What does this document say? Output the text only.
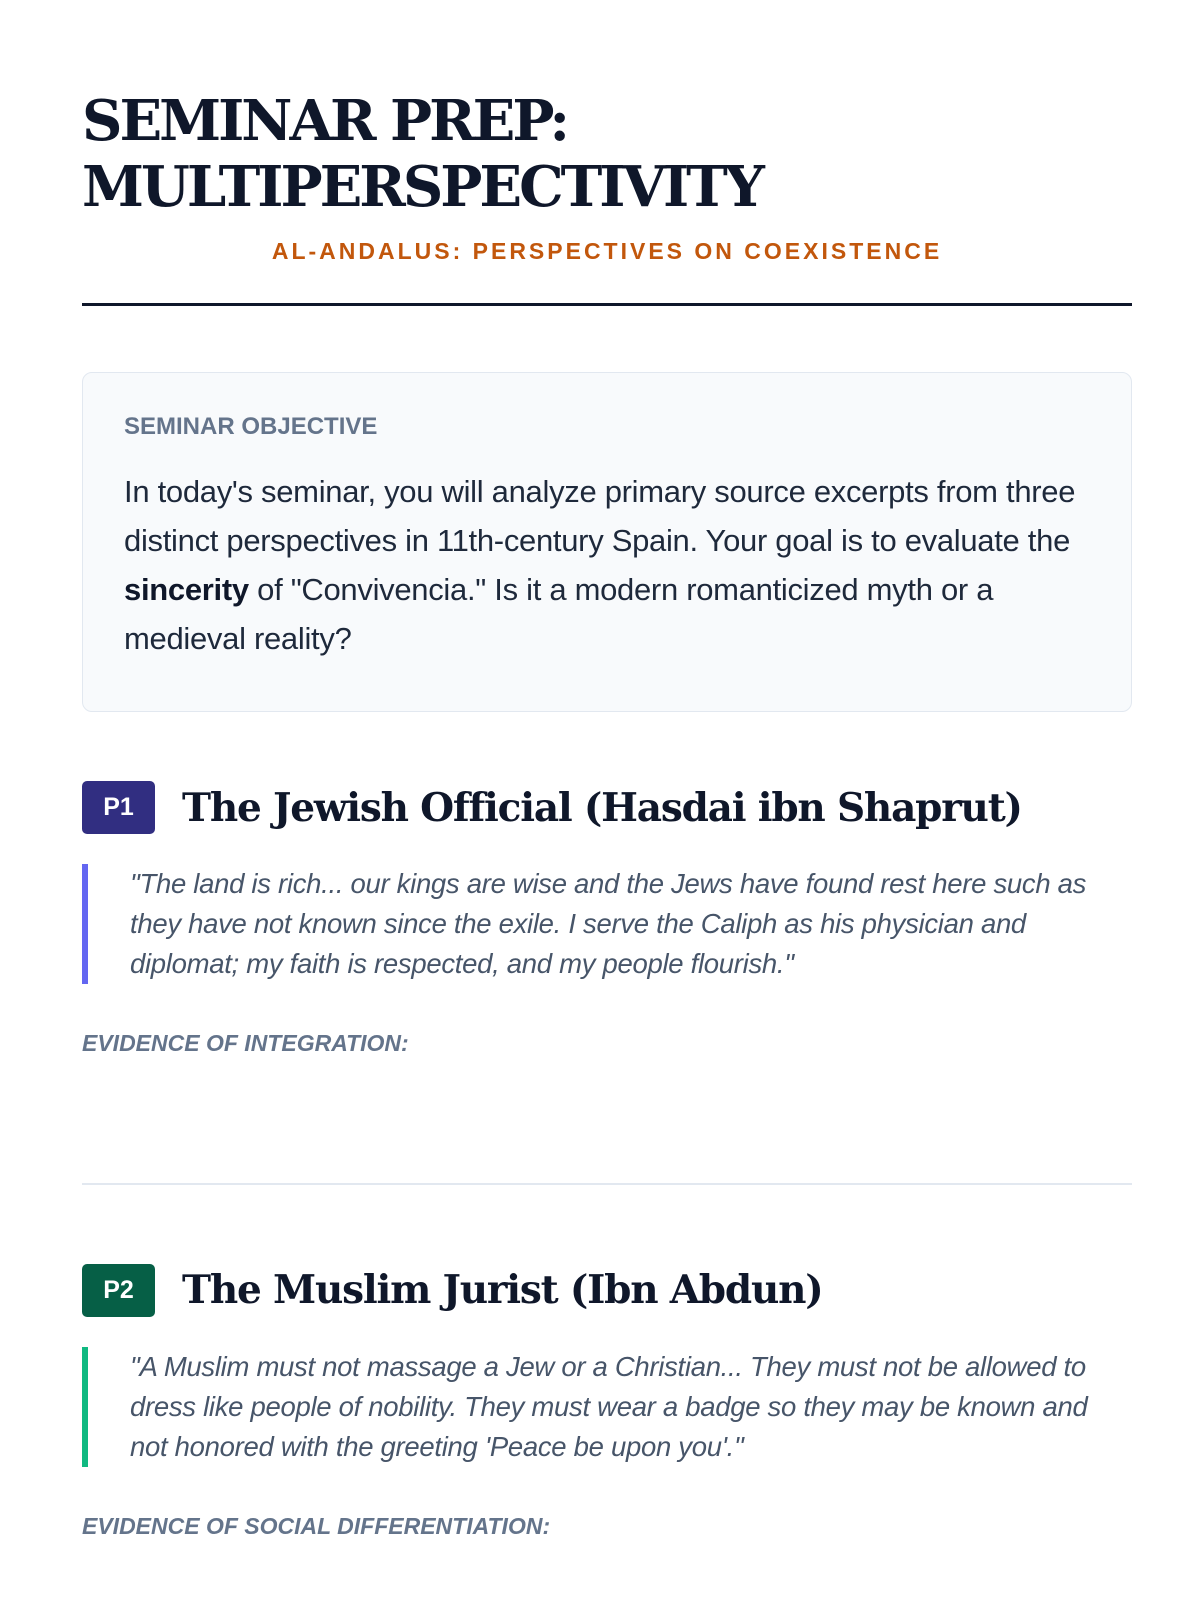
SEMINAR PREP:
MULTIPERSPECTIVITY
AL-ANDALUS: PERSPECTIVES ON COEXISTENCE
SEMINAR OBJECTIVE
In today's seminar, you will analyze primary source excerpts from three distinct perspectives in 11th-century Spain. Your goal is to evaluate the sincerity of "Convivencia." Is it a modern romanticized myth or a medieval reality?
P1	The Jewish Official (Hasdai ibn Shaprut)
"The land is rich... our kings are wise and the Jews have found rest here such as they have not known since the exile. I serve the Caliph as his physician and diplomat; my faith is respected, and my people flourish."
EVIDENCE OF INTEGRATION:
P2	The Muslim Jurist (Ibn Abdun)
"A Muslim must not massage a Jew or a Christian... They must not be allowed to dress like people of nobility. They must wear a badge so they may be known and not honored with the greeting 'Peace be upon you'."
EVIDENCE OF SOCIAL DIFFERENTIATION:
